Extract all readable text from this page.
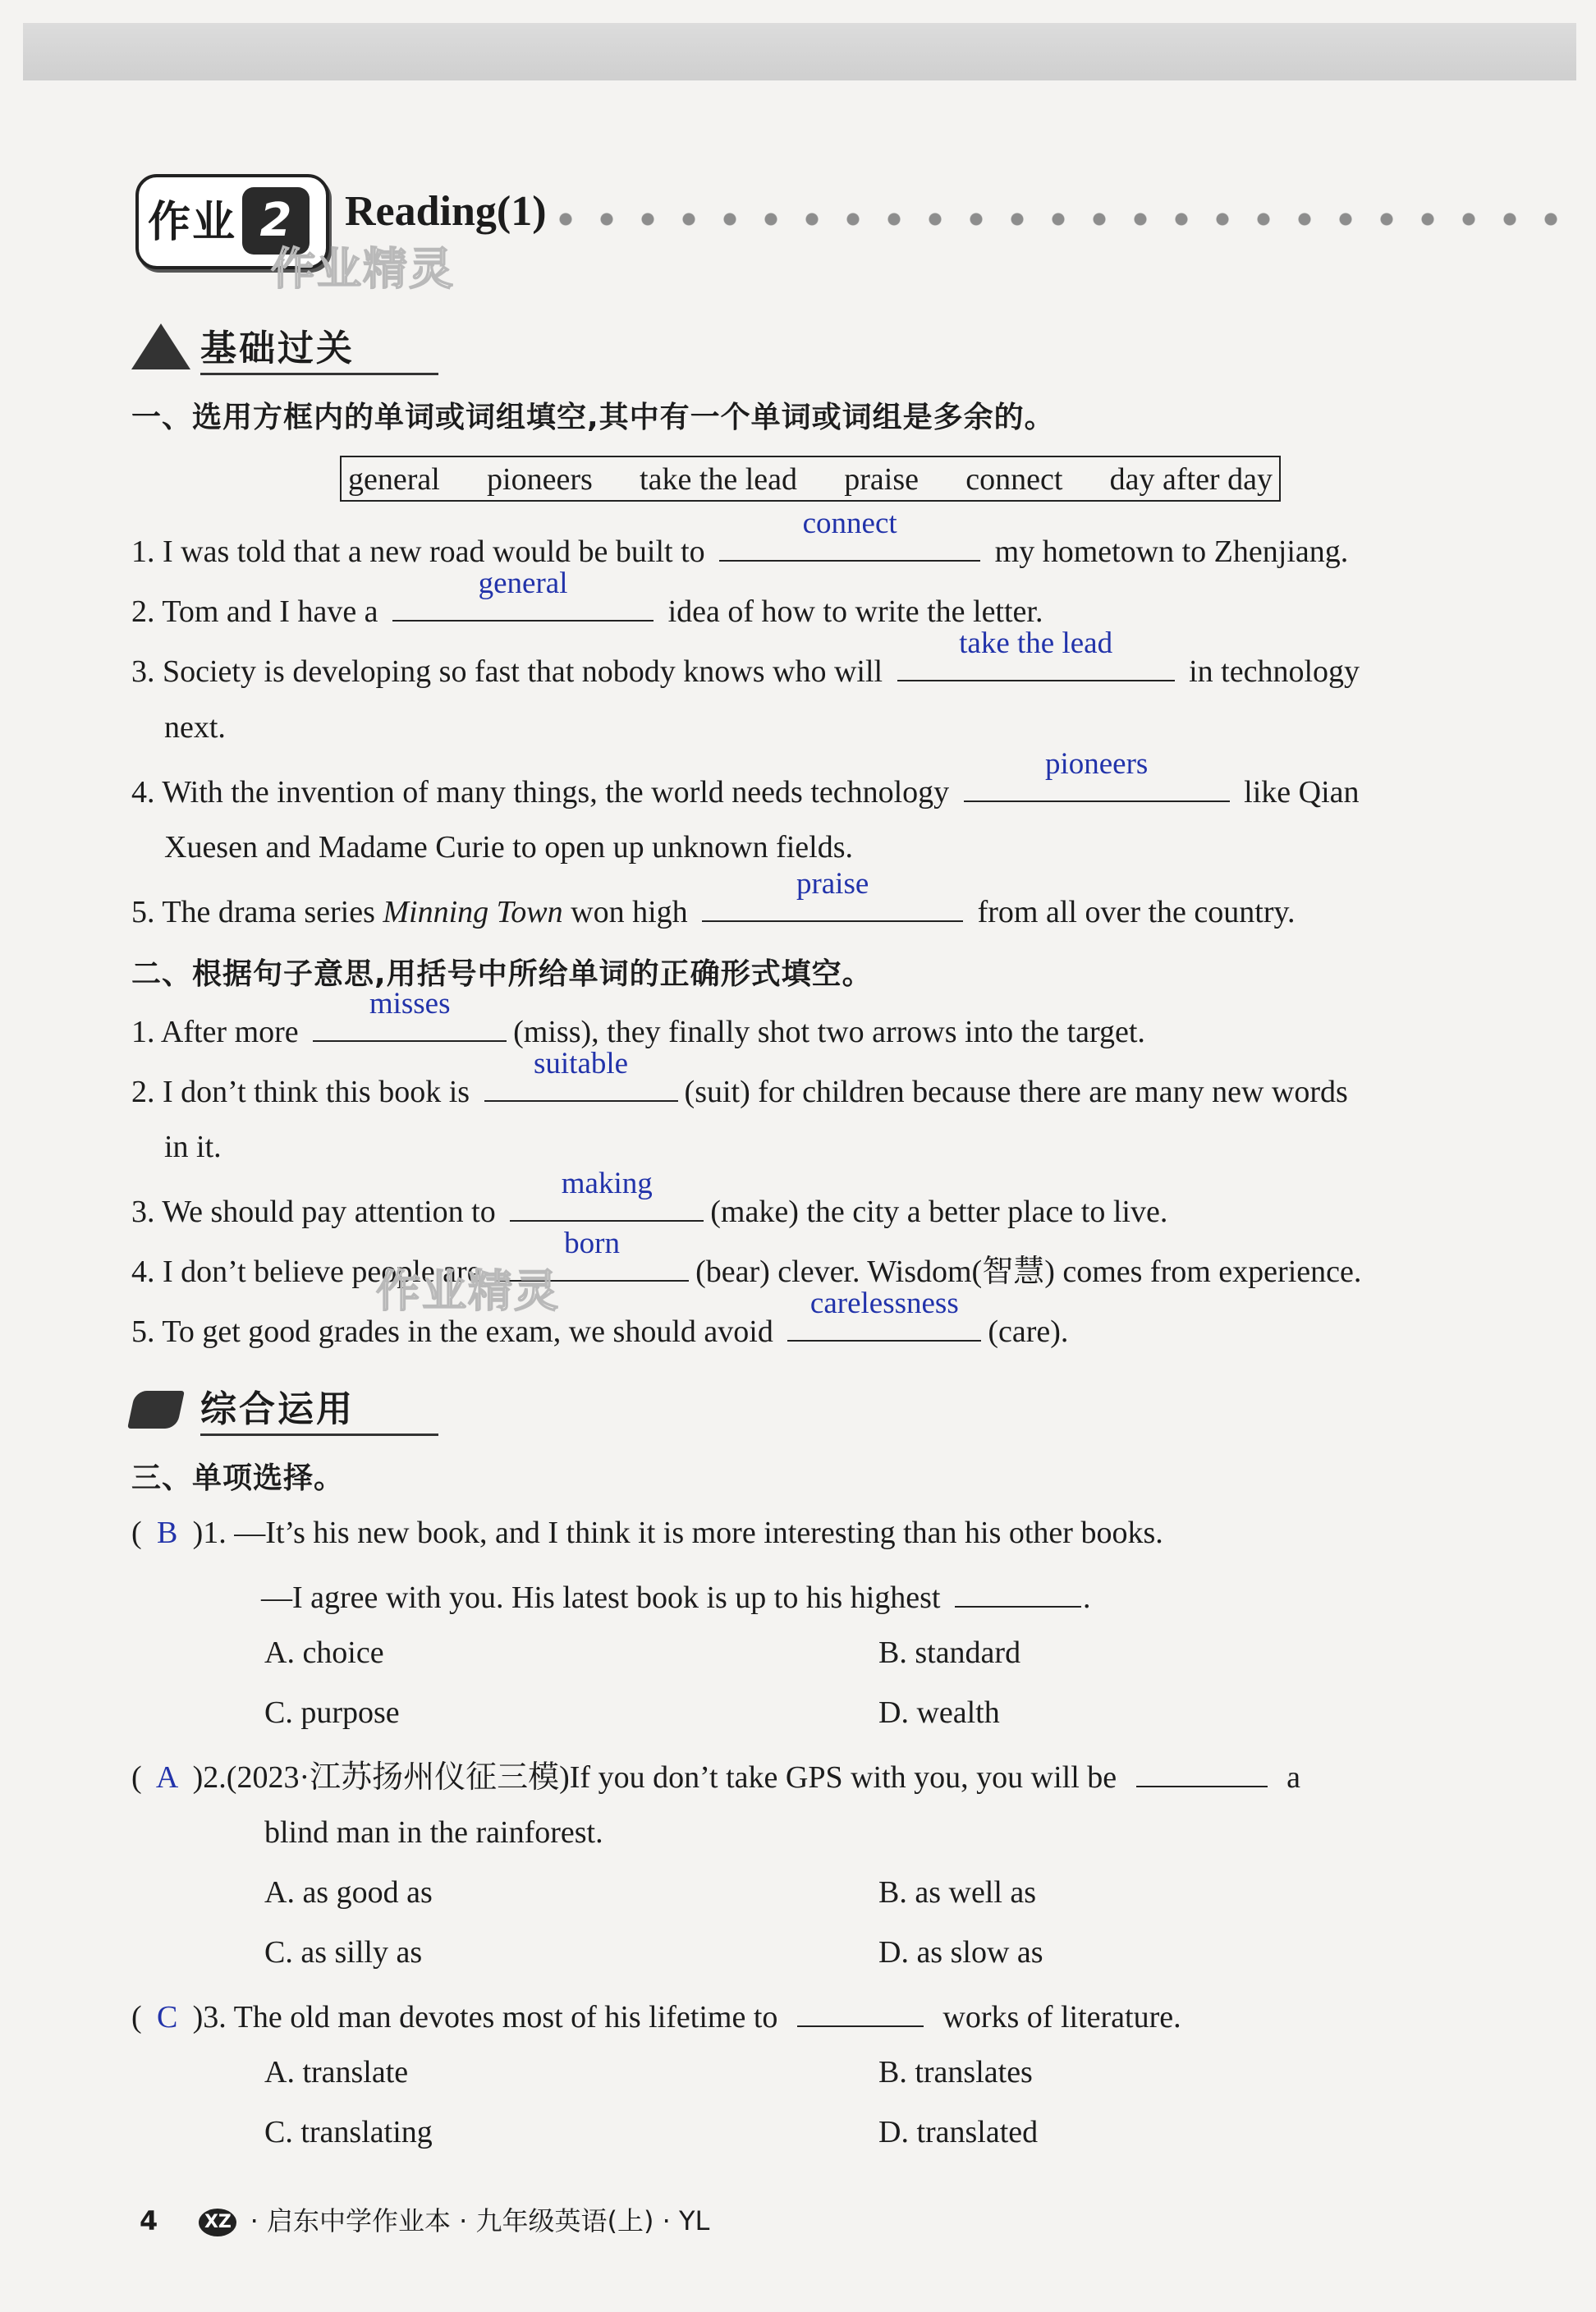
作业 2	Reading(1)
作业精灵
基础过关
一、选用方框内的单词或词组填空,其中有一个单词或词组是多余的。
general pioneers take the lead praise connect day after day
1. I was told that a new road would be built to
connect
my hometown to Zhenjiang.
2. Tom and I have a
general
idea of how to write the letter.
3. Society is developing so fast that nobody knows who will
take the lead
in technology
next.
4. With the invention of many things, the world needs technology
pioneers
like Qian
Xuesen and Madame Curie to open up unknown fields.
5. The drama series Minning Town won high
praise
from all over the country.
二、根据句子意思,用括号中所给单词的正确形式填空。
1. After more
misses
(miss), they finally shot two arrows into the target.
2. I don’t think this book is
suitable
(suit) for children because there are many new words
in it.
3. We should pay attention to
making
(make) the city a better place to live.
4. I don’t believe people are
born
(bear) clever. Wisdom(智慧) comes from experience.
作业精灵
5. To get good grades in the exam, we should avoid
carelessness
(care).
综合运用
三、单项选择。
( B )1. —It’s his new book, and I think it is more interesting than his other books.
—I agree with you. His latest book is up to his highest	.
A. choice	B. standard
C. purpose	D. wealth
( A )2.(2023·江苏扬州仪征三模)If you don’t take GPS with you, you will be	a
blind man in the rainforest.
A. as good as	B. as well as
C. as silly as	D. as slow as
( C )3. The old man devotes most of his lifetime to	works of literature.
A. translate	B. translates
C. translating	D. translated
4	XZ · 启东中学作业本 · 九年级英语(上) · YL
